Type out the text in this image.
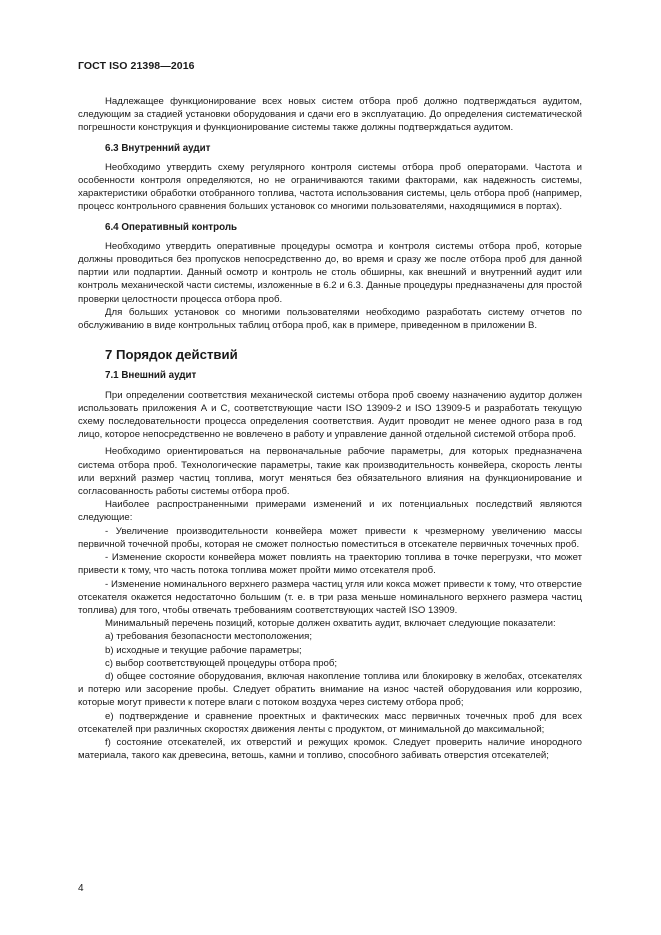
ГОСТ ISO 21398—2016

Надлежащее функционирование всех новых систем отбора проб должно подтверждаться аудитом, следующим за стадией установки оборудования и сдачи его в эксплуатацию. До определения систематической погрешности конструкция и функционирование системы также должны подтверждаться аудитом.

6.3 Внутренний аудит

Необходимо утвердить схему регулярного контроля системы отбора проб операторами. Частота и особенности контроля определяются, но не ограничиваются такими факторами, как надежность системы, характеристики обработки отобранного топлива, частота использования системы, цель отбора проб (например, процесс контрольного сравнения больших установок со многими пользователями, находящимися в портах).

6.4 Оперативный контроль

Необходимо утвердить оперативные процедуры осмотра и контроля системы отбора проб, которые должны проводиться без пропусков непосредственно до, во время и сразу же после отбора проб для данной партии или подпартии. Данный осмотр и контроль не столь обширны, как внешний и внутренний аудит или контроль механической части системы, изложенные в 6.2 и 6.3. Данные процедуры предназначены для простой проверки целостности процесса отбора проб.

Для больших установок со многими пользователями необходимо разработать систему отчетов по обслуживанию в виде контрольных таблиц отбора проб, как в примере, приведенном в приложении В.

7 Порядок действий
7.1 Внешний аудит

При определении соответствия механической системы отбора проб своему назначению аудитор должен использовать приложения А и С, соответствующие части ISO 13909-2 и ISO 13909-5 и разработать текущую схему последовательности процесса определения соответствия. Аудит проводит не менее одного раза в год лицо, которое непосредственно не вовлечено в работу и управление данной отдельной системой отбора проб.

Необходимо ориентироваться на первоначальные рабочие параметры, для которых предназначена система отбора проб. Технологические параметры, такие как производительность конвейера, скорость ленты или верхний размер частиц топлива, могут меняться без обязательного влияния на функционирование и согласованность работы системы отбора проб.

Наиболее распространенными примерами изменений и их потенциальных последствий являются следующие:

- Увеличение производительности конвейера может привести к чрезмерному увеличению массы первичной точечной пробы, которая не сможет полностью поместиться в отсекателе первичных точечных проб.

- Изменение скорости конвейера может повлиять на траекторию топлива в точке перегрузки, что может привести к тому, что часть потока топлива может пройти мимо отсекателя проб.

- Изменение номинального верхнего размера частиц угля или кокса может привести к тому, что отверстие отсекателя окажется недостаточно большим (т. е. в три раза меньше номинального верхнего размера частиц топлива) для того, чтобы отвечать требованиям соответствующих частей ISO 13909.

Минимальный перечень позиций, которые должен охватить аудит, включает следующие показатели:

а) требования безопасности местоположения;

b) исходные и текущие рабочие параметры;

с) выбор соответствующей процедуры отбора проб;

d) общее состояние оборудования, включая накопление топлива или блокировку в желобах, отсекателях и потерю или засорение пробы. Следует обратить внимание на износ частей оборудования или коррозию, которые могут привести к потере влаги с потоком воздуха через систему отбора проб;

е) подтверждение и сравнение проектных и фактических масс первичных точечных проб для всех отсекателей при различных скоростях движения ленты с продуктом, от минимальной до максимальной;

f) состояние отсекателей, их отверстий и режущих кромок. Следует проверить наличие инородного материала, такого как древесина, ветошь, камни и топливо, способного забивать отверстия отсекателей;

4
